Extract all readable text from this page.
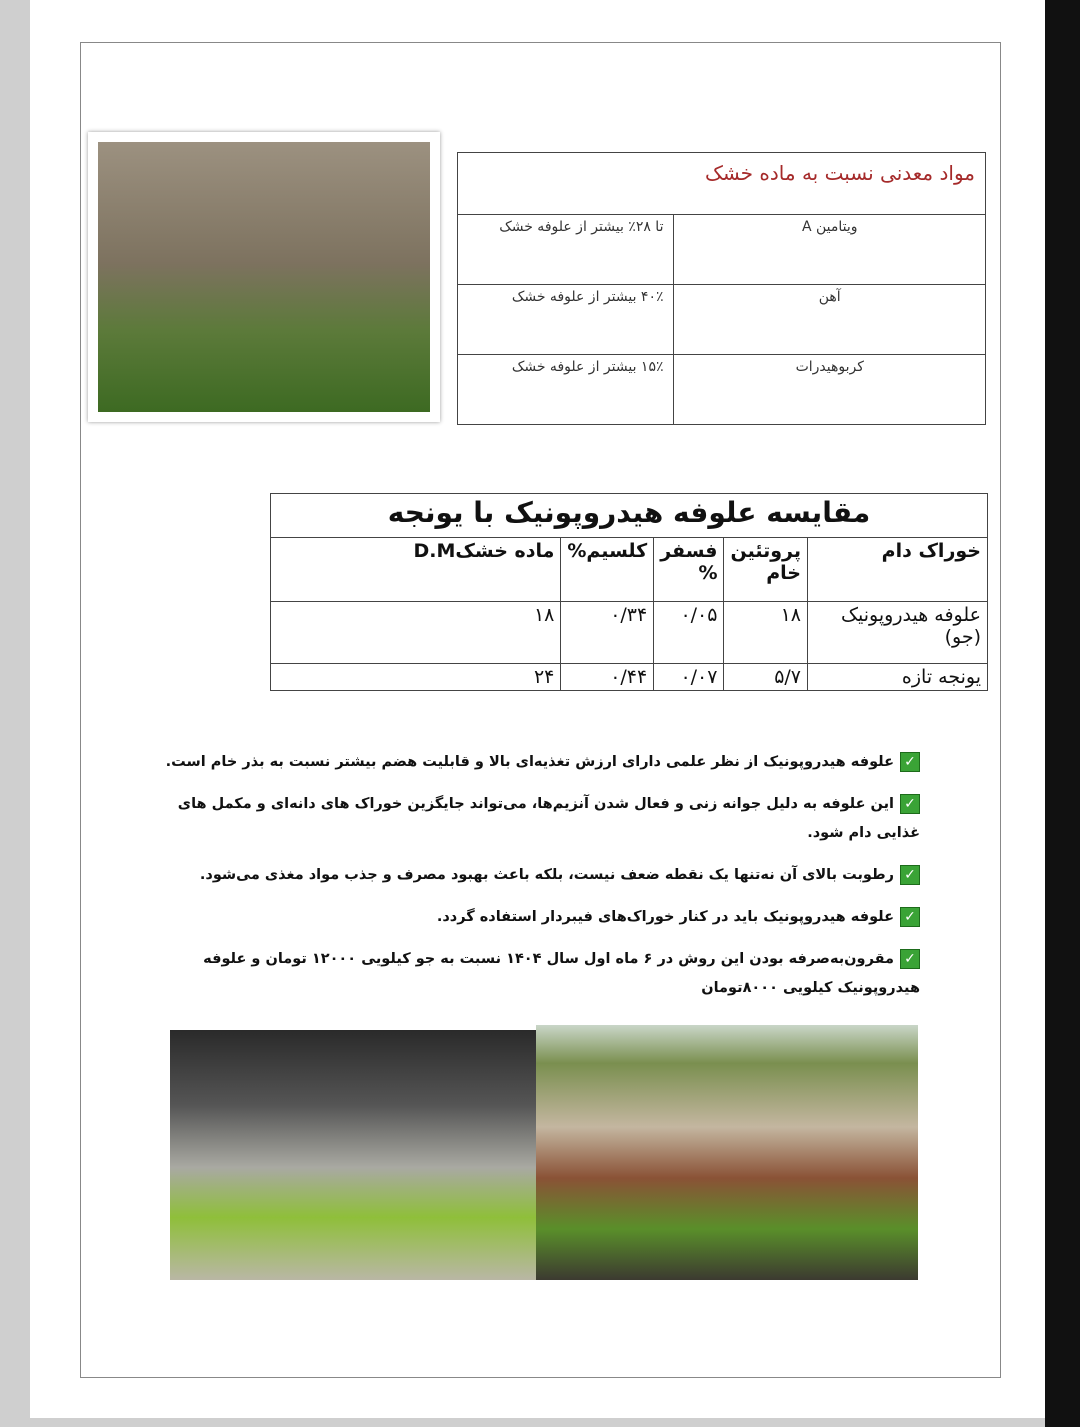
مواد معدنی نسبت به ماده خشک	
ویتامین A	تا ۲۸٪ بیشتر از علوفه خشک
آهن	۴۰٪ بیشتر از علوفه خشک
کربوهیدرات	۱۵٪ بیشتر از علوفه خشک
مقایسه علوفه هیدروپونیک با یونجه				
خوراک دام	پروتئین خام	فسفر %	کلسیم%	ماده خشکD.M
علوفه هیدروپونیک (جو)	۱۸	۰/۰۵	۰/۳۴	۱۸
یونجه تازه	۵/۷	۰/۰۷	۰/۴۴	۲۴
✓علوفه هیدروپونیک از نظر علمی دارای ارزش تغذیه‌ای بالا و قابلیت هضم بیشتر نسبت به بذر خام است.
✓این علوفه به دلیل جوانه زنی و فعال شدن آنزیم‌ها، می‌تواند جایگزین خوراک های دانه‌ای و مکمل های غذایی دام شود.
✓رطوبت بالای آن نه‌تنها یک نقطه ضعف نیست، بلکه باعث بهبود مصرف و جذب مواد مغذی می‌شود.
✓علوفه هیدروپونیک باید در کنار خوراک‌های فیبردار استفاده گردد.
✓مقرون‌به‌صرفه بودن این روش در ۶ ماه اول سال ۱۴۰۴ نسبت به جو کیلویی ۱۲۰۰۰ تومان و علوفه هیدروپونیک کیلویی ۸۰۰۰تومان
